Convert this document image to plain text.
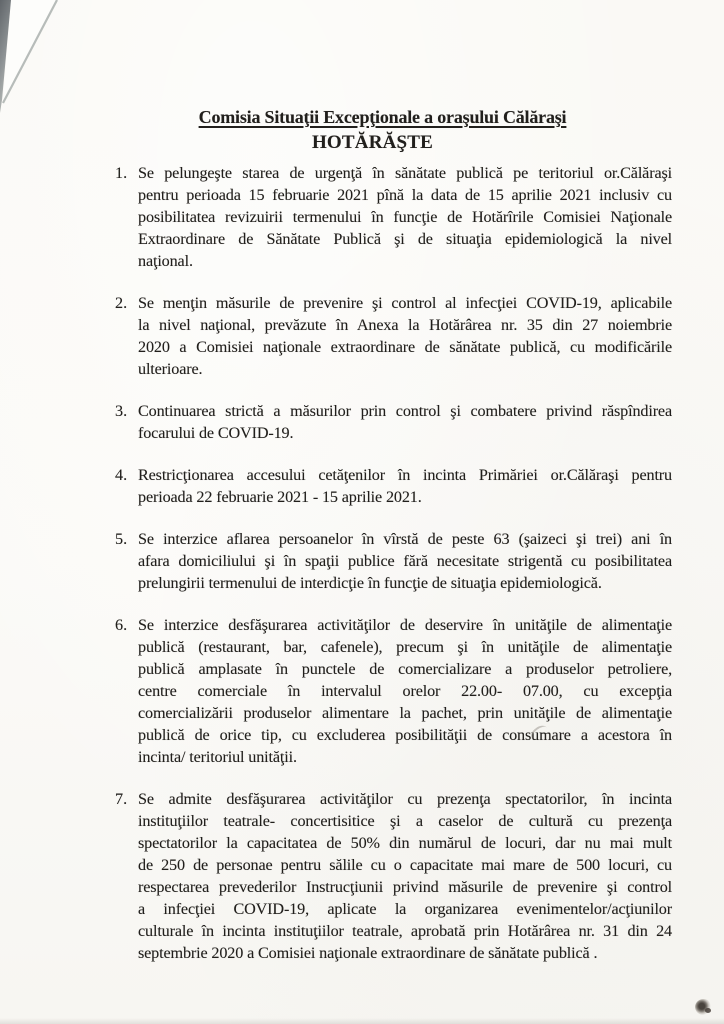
Comisia Situaţii Excepţionale a oraşului Călăraşi
HOTĂRĂŞTE
1. Se pelungeşte starea de urgenţă în sănătate publică pe teritoriul or.Călăraşi
pentru perioada 15 februarie 2021 pînă la data de 15 aprilie 2021 inclusiv cu
posibilitatea revizuirii termenului în funcţie de Hotărîrile Comisiei Naţionale
Extraordinare de Sănătate Publică şi de situaţia epidemiologică la nivel
naţional.
2. Se menţin măsurile de prevenire şi control al infecţiei COVID-19, aplicabile
la nivel naţional, prevăzute în Anexa la Hotărârea nr. 35 din 27 noiembrie
2020 a Comisiei naţionale extraordinare de sănătate publică, cu modificările
ulterioare.
3. Continuarea strictă a măsurilor prin control şi combatere privind răspîndirea
focarului de COVID-19.
4. Restricţionarea accesului cetăţenilor în incinta Primăriei or.Călăraşi pentru
perioada 22 februarie 2021 - 15 aprilie 2021.
5. Se interzice aflarea persoanelor în vîrstă de peste 63 (şaizeci şi trei) ani în
afara domiciliului şi în spaţii publice fără necesitate strigentă cu posibilitatea
prelungirii termenului de interdicţie în funcţie de situaţia epidemiologică.
6. Se interzice desfăşurarea activităţilor de deservire în unităţile de alimentaţie
publică (restaurant, bar, cafenele), precum şi în unităţile de alimentaţie
publică amplasate în punctele de comercializare a produselor petroliere,
centre comerciale în intervalul orelor 22.00- 07.00, cu excepţia
comercializării produselor alimentare la pachet, prin unităţile de alimentaţie
publică de orice tip, cu excluderea posibilităţii de consumare a acestora în
incinta/ teritoriul unităţii.
7. Se admite desfăşurarea activităţilor cu prezenţa spectatorilor, în incinta
instituţiilor teatrale- concertisitice şi a caselor de cultură cu prezenţa
spectatorilor la capacitatea de 50% din numărul de locuri, dar nu mai mult
de 250 de personae pentru sălile cu o capacitate mai mare de 500 locuri, cu
respectarea prevederilor Instrucţiunii privind măsurile de prevenire şi control
a infecţiei COVID-19, aplicate la organizarea evenimentelor/acţiunilor
culturale în incinta instituţiilor teatrale, aprobată prin Hotărârea nr. 31 din 24
septembrie 2020 a Comisiei naţionale extraordinare de sănătate publică .
